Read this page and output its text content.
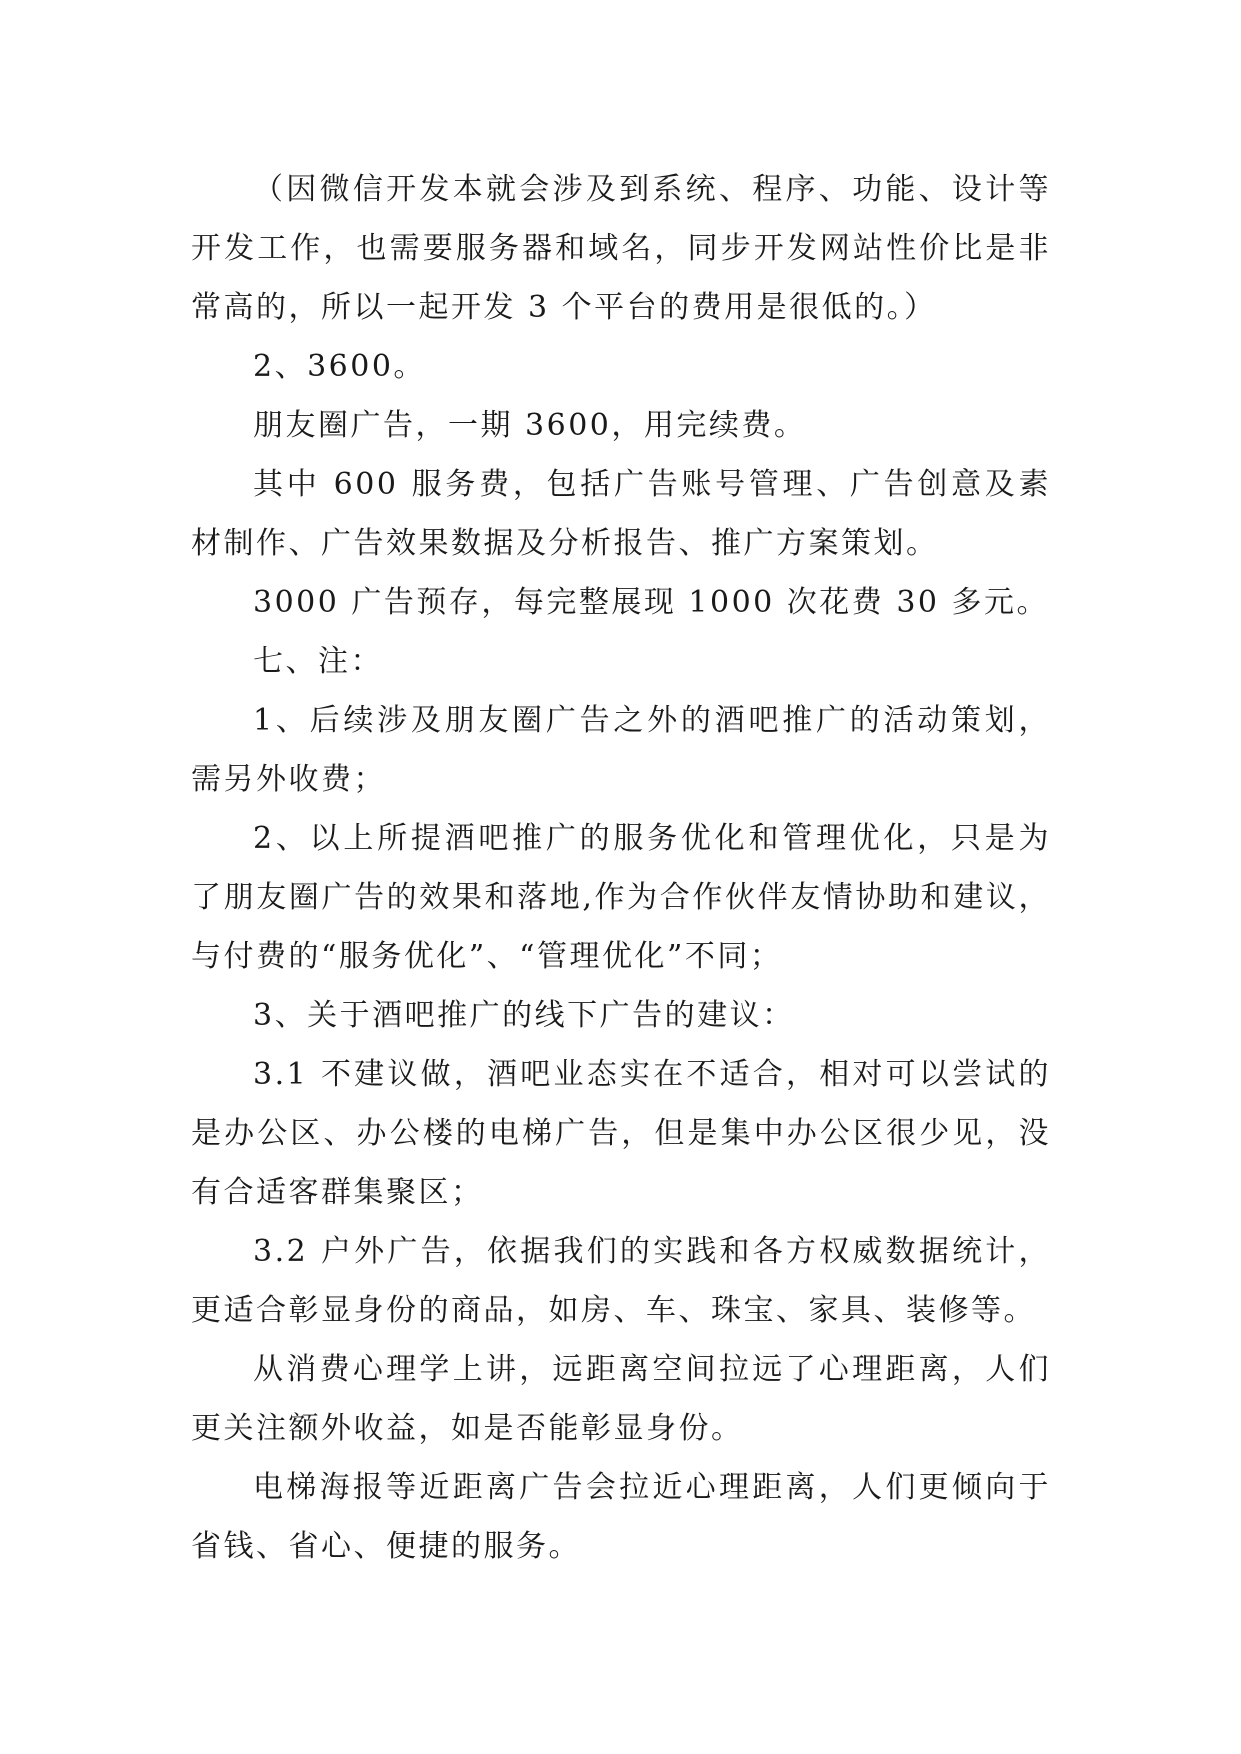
（因微信开发本就会涉及到系统、程序、功能、设计等开发工作，也需要服务器和域名，同步开发网站性价比是非常高的，所以一起开发 3 个平台的费用是很低的。）

2、3600。

朋友圈广告，一期 3600，用完续费。

其中 600 服务费，包括广告账号管理、广告创意及素材制作、广告效果数据及分析报告、推广方案策划。

3000 广告预存，每完整展现 1000 次花费 30 多元。

七、注：

1、后续涉及朋友圈广告之外的酒吧推广的活动策划，需另外收费；

2、以上所提酒吧推广的服务优化和管理优化，只是为了朋友圈广告的效果和落地,作为合作伙伴友情协助和建议，与付费的“服务优化”、“管理优化”不同；

3、关于酒吧推广的线下广告的建议：

3.1 不建议做，酒吧业态实在不适合，相对可以尝试的是办公区、办公楼的电梯广告，但是集中办公区很少见，没有合适客群集聚区；

3.2 户外广告，依据我们的实践和各方权威数据统计，更适合彰显身份的商品，如房、车、珠宝、家具、装修等。

从消费心理学上讲，远距离空间拉远了心理距离，人们更关注额外收益，如是否能彰显身份。

电梯海报等近距离广告会拉近心理距离，人们更倾向于省钱、省心、便捷的服务。
